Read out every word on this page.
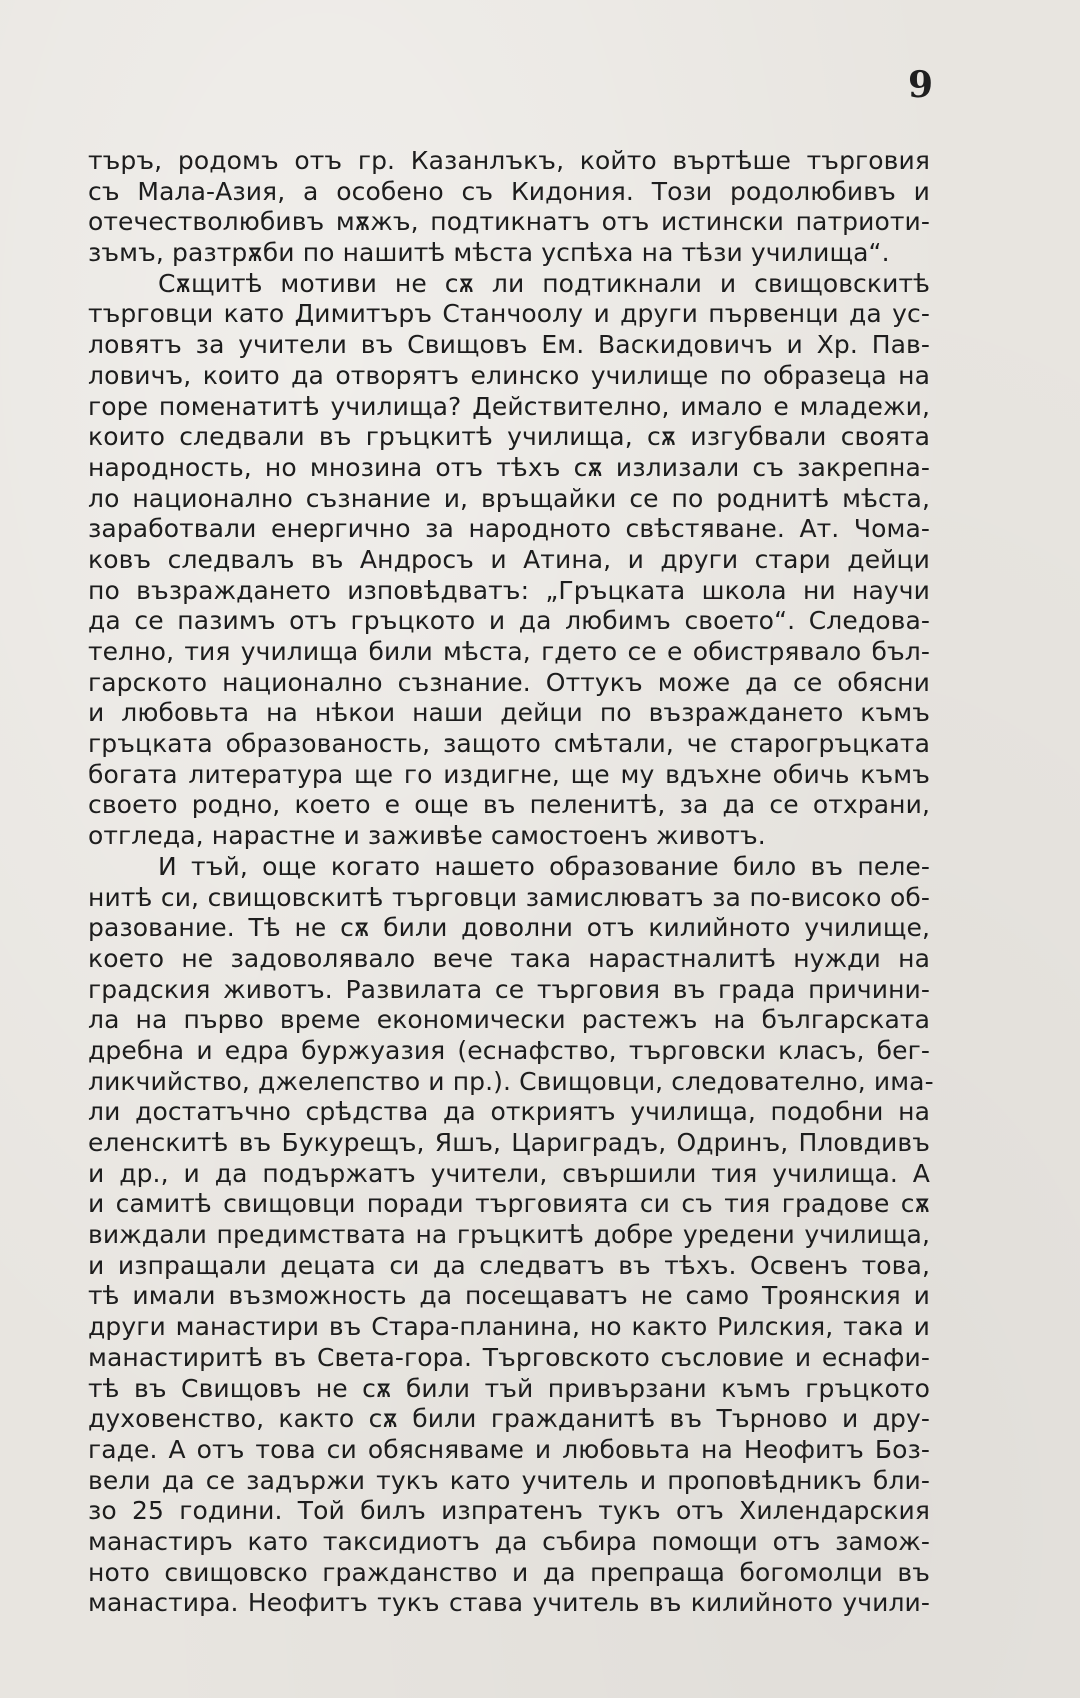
9
търъ, родомъ отъ гр. Казанлъкъ, който въртѣше търговия
съ Мала-Азия, а особено съ Кидония. Този родолюбивъ и
отечестволюбивъ мѫжъ, подтикнатъ отъ истински патриоти-
зъмъ, разтрѫби по нашитѣ мѣста успѣха на тѣзи училища“.
Сѫщитѣ мотиви не сѫ ли подтикнали и свищовскитѣ
търговци като Димитъръ Станчоолу и други първенци да ус-
ловятъ за учители въ Свищовъ Ем. Васкидовичъ и Хр. Пав-
ловичъ, които да отворятъ елинско училище по образеца на
горе поменатитѣ училища? Действително, имало е младежи,
които следвали въ гръцкитѣ училища, сѫ изгубвали своята
народность, но мнозина отъ тѣхъ сѫ излизали съ закрепна-
ло национално съзнание и, връщайки се по роднитѣ мѣста,
заработвали енергично за народното свѣстяване. Ат. Чома-
ковъ следвалъ въ Андросъ и Атина, и други стари дейци
по възраждането изповѣдватъ: „Гръцката школа ни научи
да се пазимъ отъ гръцкото и да любимъ своето“. Следова-
телно, тия училища били мѣста, гдето се е обистрявало бъл-
гарското национално съзнание. Оттукъ може да се обясни
и любовьта на нѣкои наши дейци по възраждането къмъ
гръцката образованость, защото смѣтали, че старогръцката
богата литература ще го издигне, ще му вдъхне обичь къмъ
своето родно, което е още въ пеленитѣ, за да се отхрани,
отгледа, нарастне и заживѣе самостоенъ животъ.
И тъй, още когато нашето образование било въ пеле-
нитѣ си, свищовскитѣ търговци замислюватъ за по-високо об-
разование. Тѣ не сѫ били доволни отъ килийното училище,
което не задоволявало вече така нарастналитѣ нужди на
градския животъ. Развилата се търговия въ града причини-
ла на първо време економически растежъ на българската
дребна и едра буржуазия (еснафство, търговски класъ, бег-
ликчийство, джелепство и пр.). Свищовци, следователно, има-
ли достатъчно срѣдства да откриятъ училища, подобни на
еленскитѣ въ Букурещъ, Яшъ, Цариградъ, Одринъ, Пловдивъ
и др., и да подържатъ учители, свършили тия училища. А
и самитѣ свищовци поради търговията си съ тия градове сѫ
виждали предимствата на гръцкитѣ добре уредени училища,
и изпращали децата си да следватъ въ тѣхъ. Освенъ това,
тѣ имали възможность да посещаватъ не само Троянския и
други манастири въ Стара-планина, но както Рилския, така и
манастиритѣ въ Света-гора. Търговското съсловие и еснафи-
тѣ въ Свищовъ не сѫ били тъй привързани къмъ гръцкото
духовенство, както сѫ били гражданитѣ въ Търново и дру-
гаде. А отъ това си обясняваме и любовьта на Неофитъ Боз-
вели да се задържи тукъ като учитель и проповѣдникъ бли-
зо 25 години. Той билъ изпратенъ тукъ отъ Хилендарския
манастиръ като таксидиотъ да събира помощи отъ замож-
ното свищовско гражданство и да препраща богомолци въ
манастира. Неофитъ тукъ става учитель въ килийното учили-
